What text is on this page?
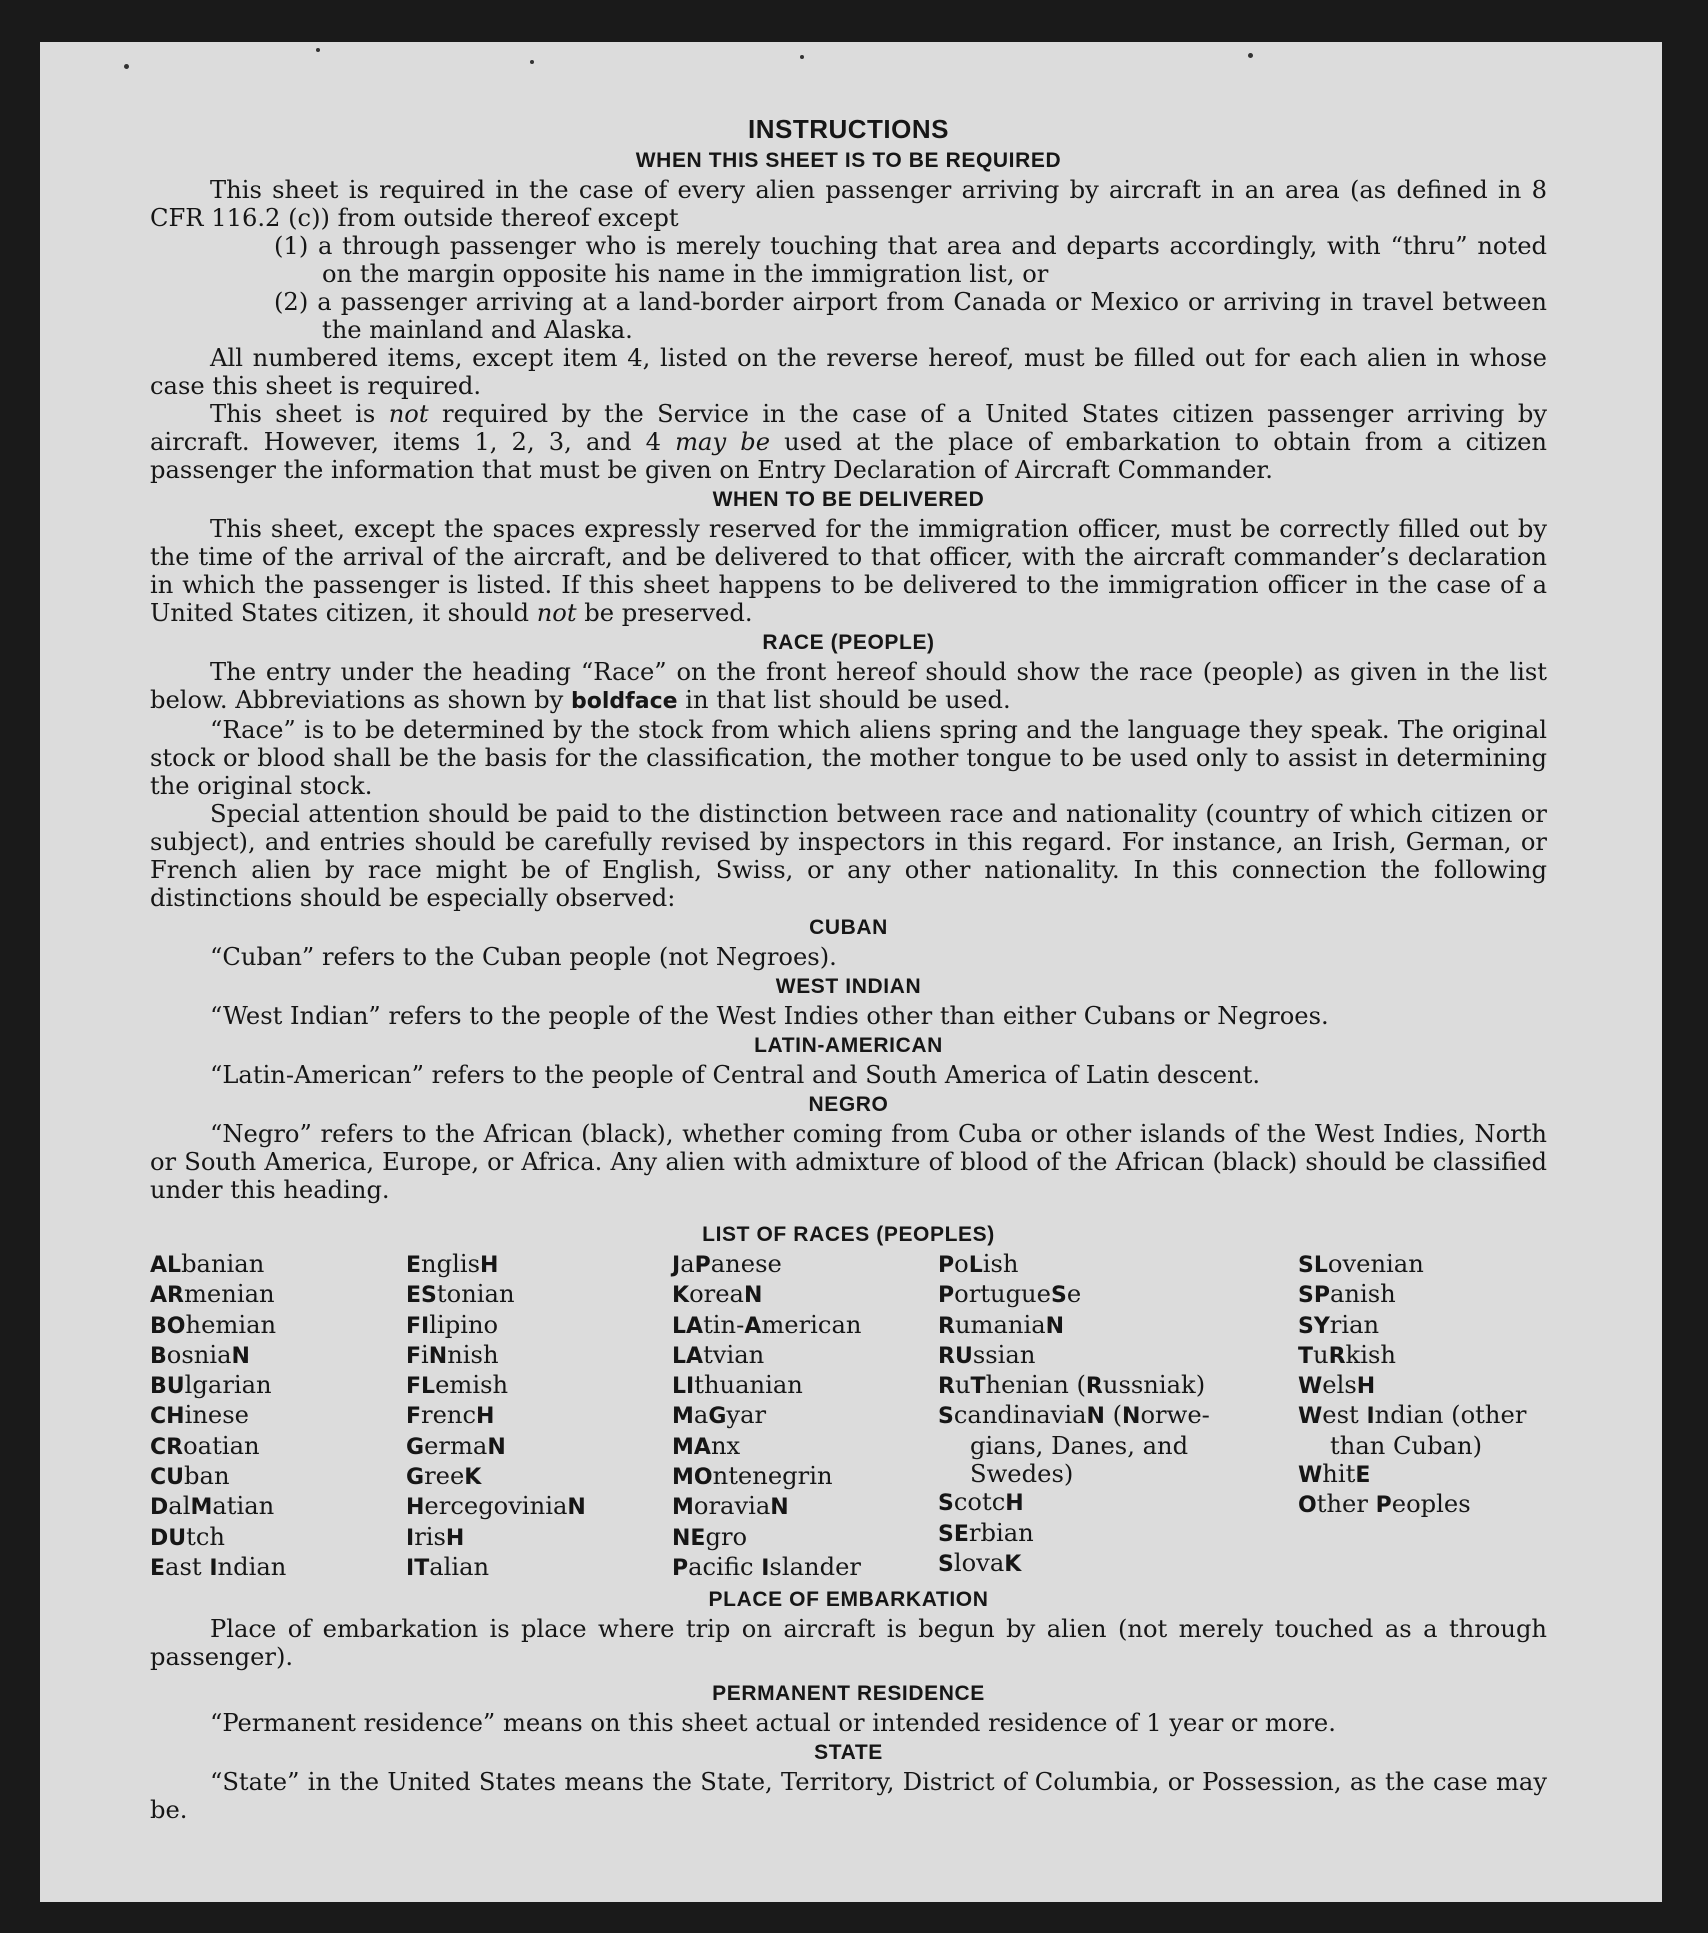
INSTRUCTIONS
WHEN THIS SHEET IS TO BE REQUIRED

This sheet is required in the case of every alien passenger arriving by aircraft in an area (as defined in 8 CFR 116.2 (c)) from outside thereof except

(1) a through passenger who is merely touching that area and departs accordingly, with “thru” noted on the margin opposite his name in the immigration list, or
(2) a passenger arriving at a land-border airport from Canada or Mexico or arriving in travel between the mainland and Alaska.

All numbered items, except item 4, listed on the reverse hereof, must be filled out for each alien in whose case this sheet is required.

This sheet is not required by the Service in the case of a United States citizen passenger arriving by aircraft. However, items 1, 2, 3, and 4 may be used at the place of embarkation to obtain from a citizen passenger the information that must be given on Entry Declaration of Aircraft Commander.

WHEN TO BE DELIVERED

This sheet, except the spaces expressly reserved for the immigration officer, must be correctly filled out by the time of the arrival of the aircraft, and be delivered to that officer, with the aircraft commander’s declaration in which the passenger is listed. If this sheet happens to be delivered to the immigration officer in the case of a United States citizen, it should not be preserved.

RACE (PEOPLE)

The entry under the heading “Race” on the front hereof should show the race (people) as given in the list below. Abbreviations as shown by boldface in that list should be used.

“Race” is to be determined by the stock from which aliens spring and the language they speak. The original stock or blood shall be the basis for the classification, the mother tongue to be used only to assist in determining the original stock.

Special attention should be paid to the distinction between race and nationality (country of which citizen or subject), and entries should be carefully revised by inspectors in this regard. For instance, an Irish, German, or French alien by race might be of English, Swiss, or any other nationality. In this connection the following distinctions should be especially observed:

CUBAN

“Cuban” refers to the Cuban people (not Negroes).

WEST INDIAN

“West Indian” refers to the people of the West Indies other than either Cubans or Negroes.

LATIN-AMERICAN

“Latin-American” refers to the people of Central and South America of Latin descent.

NEGRO

“Negro” refers to the African (black), whether coming from Cuba or other islands of the West Indies, North or South America, Europe, or Africa. Any alien with admixture of blood of the African (black) should be classified under this heading.

LIST OF RACES (PEOPLES)
ALbanian
ARmenian
BOhemian
BosniaN
BUlgarian
CHinese
CRoatian
CUban
DalMatian
DUtch
East Indian
EnglisH
EStonian
FIlipino
FiNnish
FLemish
FrencH
GermaN
GreeK
HercegoviniaN
IrisH
ITalian
JaPanese
KoreaN
LAtin-American
LAtvian
LIthuanian
MaGyar
MAnx
MOntenegrin
MoraviaN
NEgro
Pacifc Islander
PoLish
PortugueSe
RumaniaN
RUssian
RuThenian (Russniak)
ScandinaviaN (Norwe-
gians, Danes, and
Swedes)
ScotcH
SErbian
SlovaK
SLovenian
SPanish
SYrian
TuRkish
WelsH
West Indian (other
than Cuban)
WhitE
Other Peoples
PLACE OF EMBARKATION

Place of embarkation is place where trip on aircraft is begun by alien (not merely touched as a through passenger).

PERMANENT RESIDENCE

“Permanent residence” means on this sheet actual or intended residence of 1 year or more.

STATE

“State” in the United States means the State, Territory, District of Columbia, or Possession, as the case may be.
